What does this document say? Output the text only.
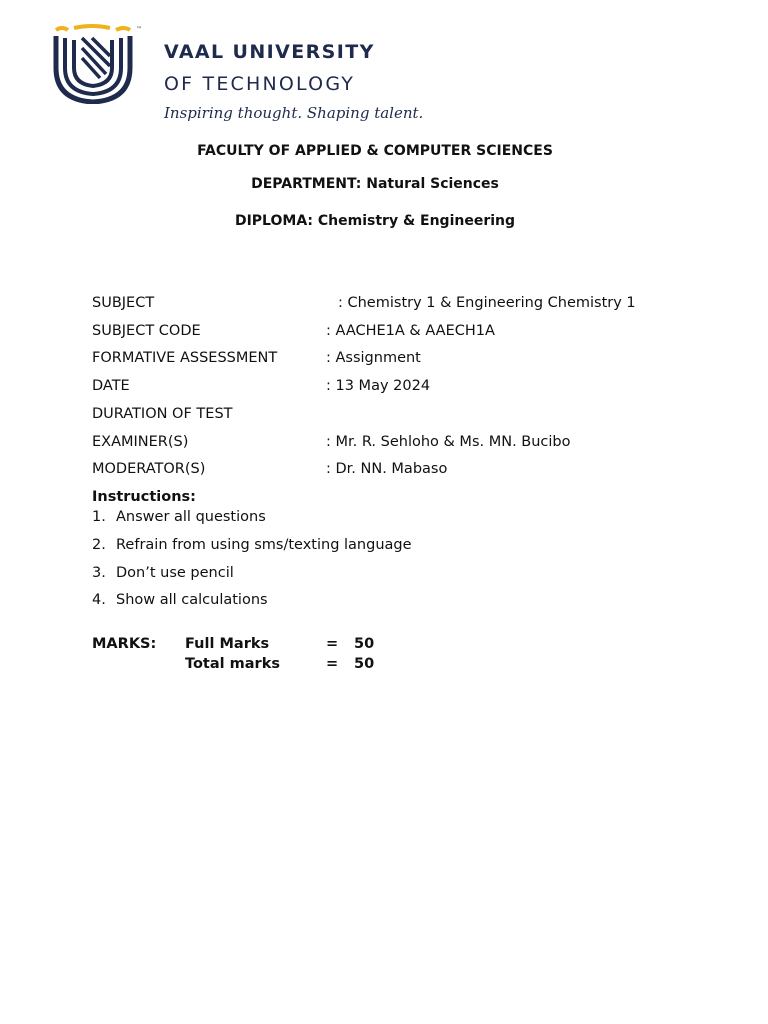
™
VAAL UNIVERSITY
OF TECHNOLOGY
Inspiring thought. Shaping talent.
FACULTY OF APPLIED & COMPUTER SCIENCES
DEPARTMENT: Natural Sciences
DIPLOMA: Chemistry & Engineering
SUBJECT	: Chemistry 1 & Engineering Chemistry 1
SUBJECT CODE	: AACHE1A & AAECH1A
FORMATIVE ASSESSMENT	: Assignment
DATE	: 13 May 2024
DURATION OF TEST
EXAMINER(S)	: Mr. R. Sehloho & Ms. MN. Bucibo
MODERATOR(S)	: Dr. NN. Mabaso
Instructions:
1. Answer all questions
2. Refrain from using sms/texting language
3. Don’t use pencil
4. Show all calculations
MARKS: Full Marks	= 50
Total marks	= 50
